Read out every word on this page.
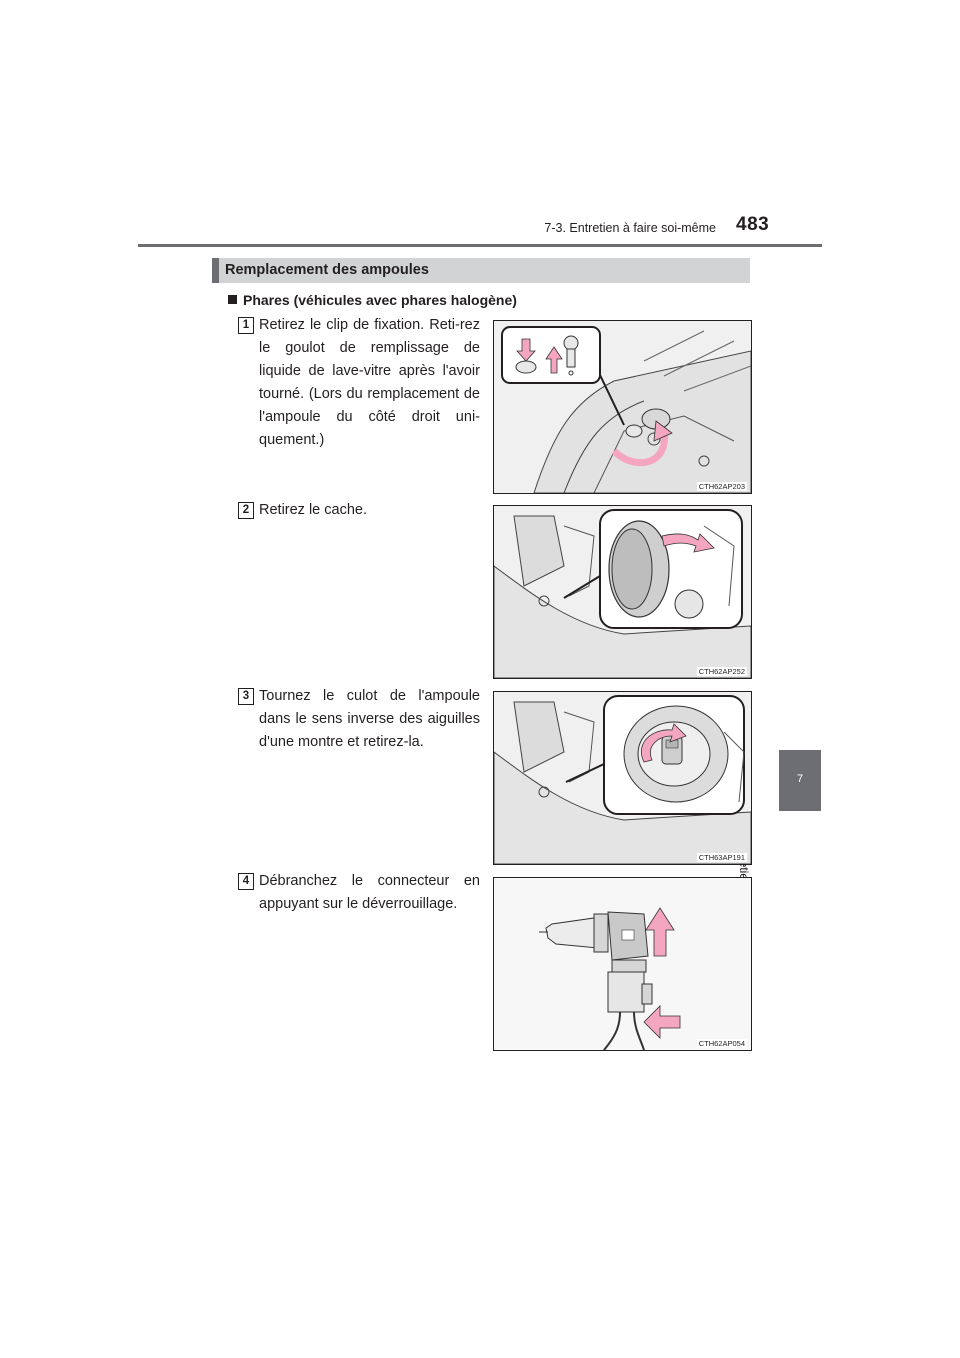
7-3. Entretien à faire soi-même 483
7
Remplacement des ampoules
Phares (véhicules avec phares halogène)
1 Retirez le clip de fixation. Reti-rez le goulot de remplissage de liquide de lave-vitre après l'avoir tourné. (Lors du remplacement de l'ampoule du côté droit uni-quement.)
CTH62AP203
2 Retirez le cache.
CTH62AP252
3 Tournez le culot de l'ampoule dans le sens inverse des aiguilles d'une montre et retirez-la.
CTH63AP191
4 Débranchez le connecteur en appuyant sur le déverrouillage.
CTH62AP054
